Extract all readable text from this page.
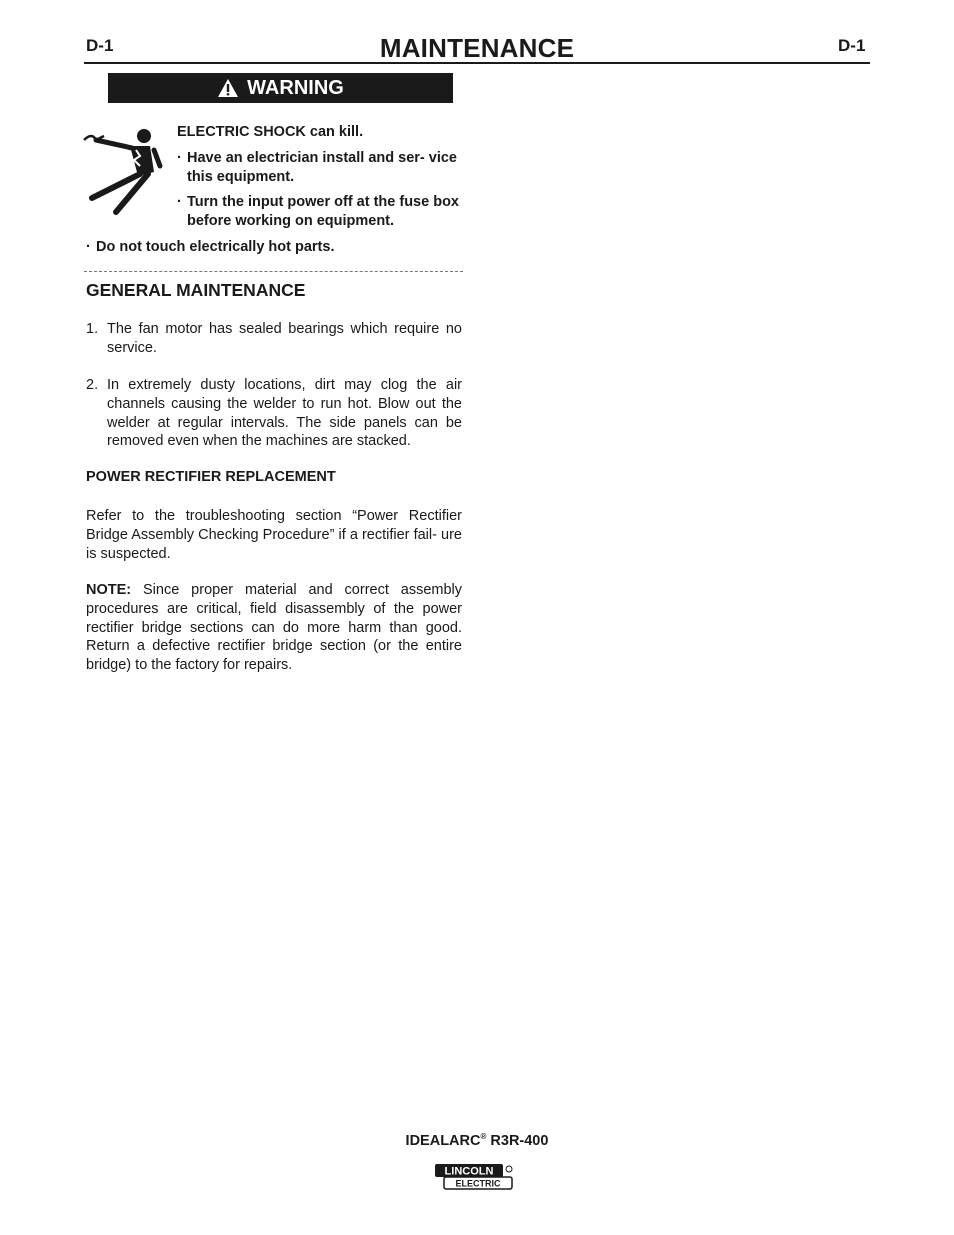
D-1	MAINTENANCE	D-1
WARNING
ELECTRIC SHOCK can kill.
· Have an electrician install and ser- vice this equipment.
· Turn the input power off at the fuse box before working on equipment.
· Do not touch electrically hot parts.
GENERAL MAINTENANCE
1. The fan motor has sealed bearings which require no service.
2. In extremely dusty locations, dirt may clog the air channels causing the welder to run hot. Blow out the welder at regular intervals. The side panels can be removed even when the machines are stacked.
POWER RECTIFIER REPLACEMENT
Refer to the troubleshooting section “Power Rectifier Bridge Assembly Checking Procedure” if a rectifier fail- ure is suspected.
NOTE: Since proper material and correct assembly procedures are critical, field disassembly of the power rectifier bridge sections can do more harm than good. Return a defective rectifier bridge section (or the entire bridge) to the factory for repairs.
IDEALARC® R3R-400
LINCOLN
ELECTRIC
